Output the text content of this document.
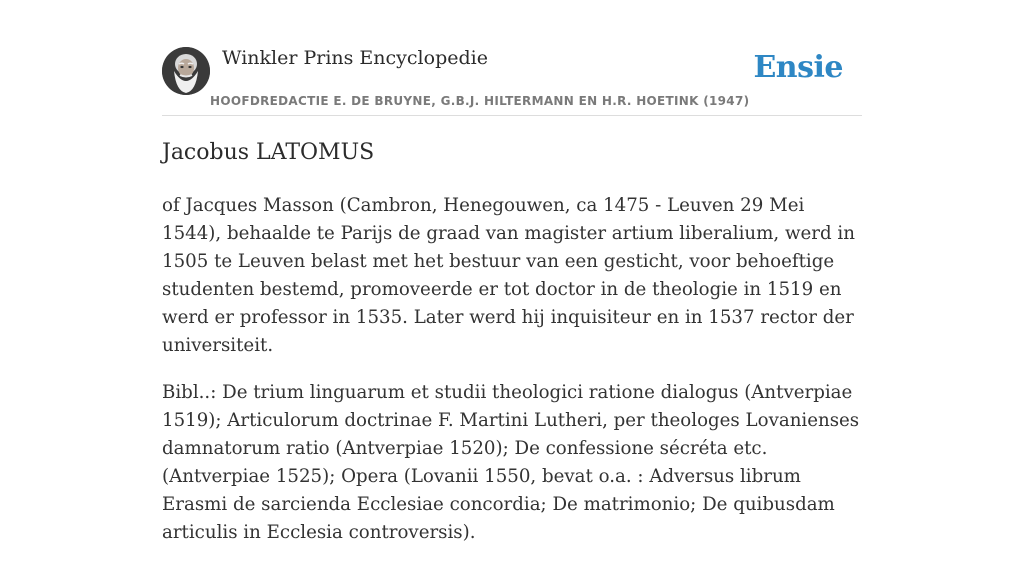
Winkler Prins Encyclopedie
HOOFDREDACTIE E. DE BRUYNE, G.B.J. HILTERMANN EN H.R. HOETINK (1947)
Ensie
Jacobus LATOMUS

of Jacques Masson (Cambron, Henegouwen, ca 1475 - Leuven 29 Mei 1544), behaalde te Parijs de graad van magister artium liberalium, werd in 1505 te Leuven belast met het bestuur van een gesticht, voor behoeftige studenten bestemd, promoveerde er tot doctor in de theologie in 1519 en werd er professor in 1535. Later werd hij inquisiteur en in 1537 rector der universiteit.

Bibl..: De trium linguarum et studii theologici ratione dialogus (Antverpiae 1519); Articulorum doctrinae F. Martini Lutheri, per theologes Lovanienses damnatorum ratio (Antverpiae 1520); De confessione sécréta etc. (Antverpiae 1525); Opera (Lovanii 1550, bevat o.a. : Adversus librum Erasmi de sarcienda Ecclesiae concordia; De matrimonio; De quibusdam articulis in Ecclesia controversis).
